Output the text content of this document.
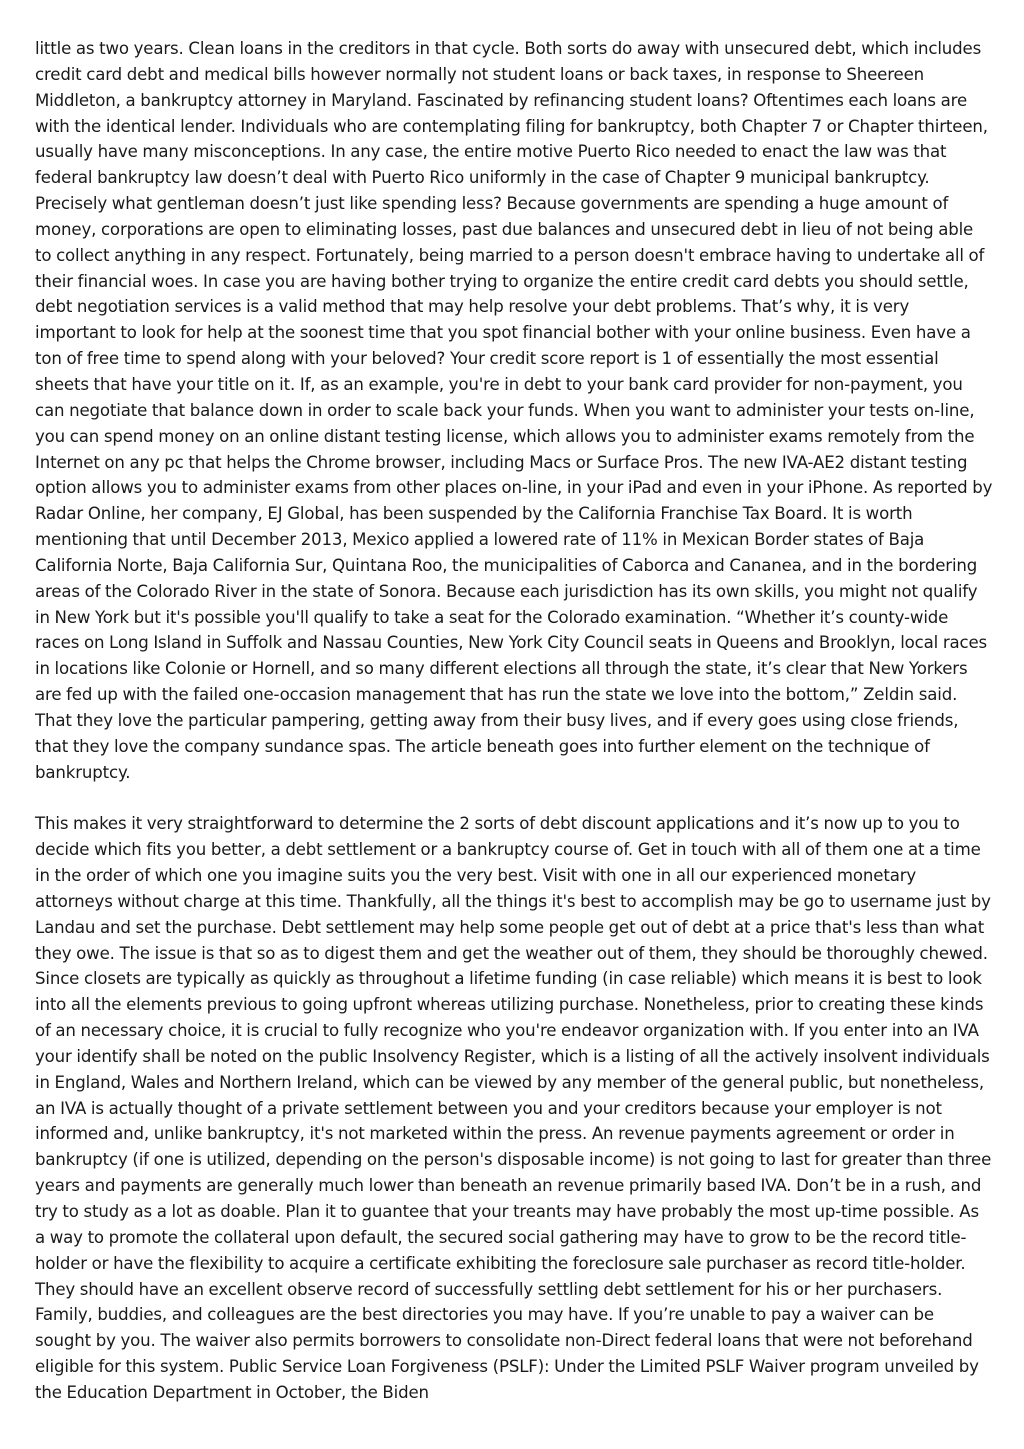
little as two years. Clean loans in the creditors in that cycle. Both sorts do away with unsecured debt, which includes credit card debt and medical bills however normally not student loans or back taxes, in response to Sheereen Middleton, a bankruptcy attorney in Maryland. Fascinated by refinancing student loans? Oftentimes each loans are with the identical lender. Individuals who are contemplating filing for bankruptcy, both Chapter 7 or Chapter thirteen, usually have many misconceptions. In any case, the entire motive Puerto Rico needed to enact the law was that federal bankruptcy law doesn’t deal with Puerto Rico uniformly in the case of Chapter 9 municipal bankruptcy. Precisely what gentleman doesn’t just like spending less? Because governments are spending a huge amount of money, corporations are open to eliminating losses, past due balances and unsecured debt in lieu of not being able to collect anything in any respect. Fortunately, being married to a person doesn't embrace having to undertake all of their financial woes. In case you are having bother trying to organize the entire credit card debts you should settle, debt negotiation services is a valid method that may help resolve your debt problems. That’s why, it is very important to look for help at the soonest time that you spot financial bother with your online business. Even have a ton of free time to spend along with your beloved? Your credit score report is 1 of essentially the most essential sheets that have your title on it. If, as an example, you're in debt to your bank card provider for non-payment, you can negotiate that balance down in order to scale back your funds. When you want to administer your tests on-line, you can spend money on an online distant testing license, which allows you to administer exams remotely from the Internet on any pc that helps the Chrome browser, including Macs or Surface Pros. The new IVA-AE2 distant testing option allows you to administer exams from other places on-line, in your iPad and even in your iPhone. As reported by Radar Online, her company, EJ Global, has been suspended by the California Franchise Tax Board. It is worth mentioning that until December 2013, Mexico applied a lowered rate of 11% in Mexican Border states of Baja California Norte, Baja California Sur, Quintana Roo, the municipalities of Caborca and Cananea, and in the bordering areas of the Colorado River in the state of Sonora. Because each jurisdiction has its own skills, you might not qualify in New York but it's possible you'll qualify to take a seat for the Colorado examination. “Whether it’s county-wide races on Long Island in Suffolk and Nassau Counties, New York City Council seats in Queens and Brooklyn, local races in locations like Colonie or Hornell, and so many different elections all through the state, it’s clear that New Yorkers are fed up with the failed one-occasion management that has run the state we love into the bottom,” Zeldin said. That they love the particular pampering, getting away from their busy lives, and if every goes using close friends, that they love the company sundance spas. The article beneath goes into further element on the technique of bankruptcy.

This makes it very straightforward to determine the 2 sorts of debt discount applications and it’s now up to you to decide which fits you better, a debt settlement or a bankruptcy course of. Get in touch with all of them one at a time in the order of which one you imagine suits you the very best. Visit with one in all our experienced monetary attorneys without charge at this time. Thankfully, all the things it's best to accomplish may be go to username just by Landau and set the purchase. Debt settlement may help some people get out of debt at a price that's less than what they owe. The issue is that so as to digest them and get the weather out of them, they should be thoroughly chewed. Since closets are typically as quickly as throughout a lifetime funding (in case reliable) which means it is best to look into all the elements previous to going upfront whereas utilizing purchase. Nonetheless, prior to creating these kinds of an necessary choice, it is crucial to fully recognize who you're endeavor organization with. If you enter into an IVA your identify shall be noted on the public Insolvency Register, which is a listing of all the actively insolvent individuals in England, Wales and Northern Ireland, which can be viewed by any member of the general public, but nonetheless, an IVA is actually thought of a private settlement between you and your creditors because your employer is not informed and, unlike bankruptcy, it's not marketed within the press. An revenue payments agreement or order in bankruptcy (if one is utilized, depending on the person's disposable income) is not going to last for greater than three years and payments are generally much lower than beneath an revenue primarily based IVA. Don’t be in a rush, and try to study as a lot as doable. Plan it to guantee that your treants may have probably the most up-time possible. As a way to promote the collateral upon default, the secured social gathering may have to grow to be the record title-holder or have the flexibility to acquire a certificate exhibiting the foreclosure sale purchaser as record title-holder. They should have an excellent observe record of successfully settling debt settlement for his or her purchasers. Family, buddies, and colleagues are the best directories you may have. If you’re unable to pay a waiver can be sought by you. The waiver also permits borrowers to consolidate non-Direct federal loans that were not beforehand eligible for this system. Public Service Loan Forgiveness (PSLF): Under the Limited PSLF Waiver program unveiled by the Education Department in October, the Biden
